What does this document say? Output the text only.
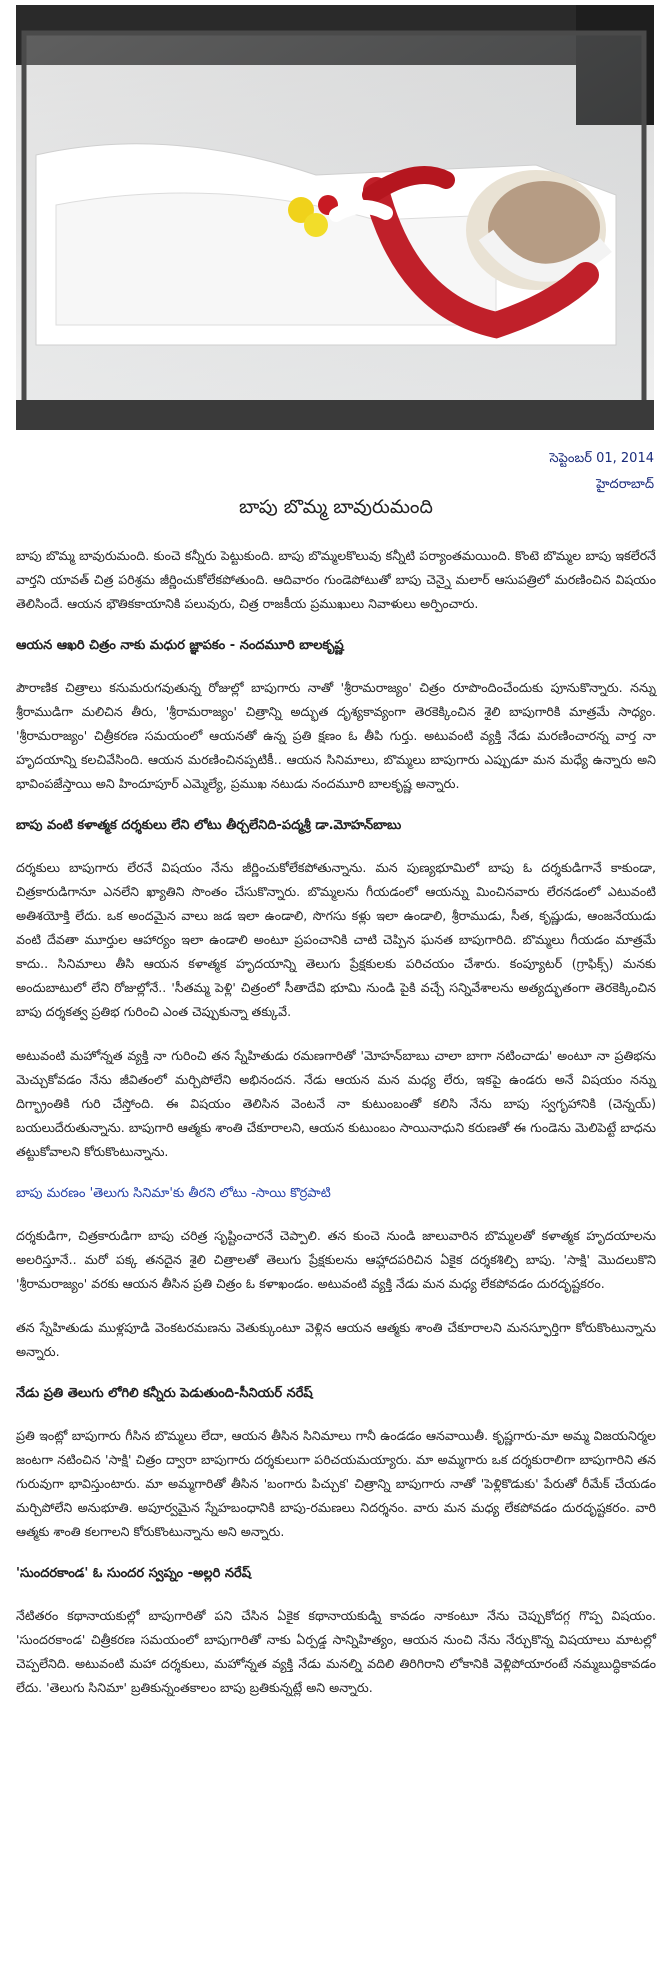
సెప్టెంబర్ 01, 2014
హైదరాబాద్
బాపు బొమ్మ బావురుమంది

బాపు బొమ్మ బావురుమంది. కుంచె కన్నీరు పెట్టుకుంది. బాపు బొమ్మలకొలువు కన్నీటి పర్యాంతమయింది. కొంటె బొమ్మల బాపు ఇకలేరనే వార్తని యావత్ చిత్ర పరిశ్రమ జీర్ణించుకోలేకపోతుంది. ఆదివారం గుండెపోటుతో బాపు చెన్నై మలార్ ఆసుపత్రిలో మరణించిన విషయం తెలిసిందే. ఆయన భౌతికకాయానికి పలువురు, చిత్ర రాజకీయ ప్రముఖులు నివాళులు అర్పించారు.

ఆయన ఆఖరి చిత్రం నాకు మధుర జ్ఞాపకం - నందమూరి బాలకృష్ణ

పౌరాణిక చిత్రాలు కనుమరుగవుతున్న రోజుల్లో బాపుగారు నాతో 'శ్రీరామరాజ్యం' చిత్రం రూపొందించేందుకు పూనుకొన్నారు. నన్ను శ్రీరాముడిగా మలిచిన తీరు, 'శ్రీరామరాజ్యం' చిత్రాన్ని అద్భుత దృశ్యకావ్యంగా తెరకెక్కించిన శైలి బాపుగారికి మాత్రమే సాధ్యం. 'శ్రీరామరాజ్యం' చిత్రీకరణ సమయంలో ఆయనతో ఉన్న ప్రతి క్షణం ఓ తీపి గుర్తు. అటువంటి వ్యక్తి నేడు మరణించారన్న వార్త నా హృదయాన్ని కలచివేసింది. ఆయన మరణించినప్పటికీ.. ఆయన సినిమాలు, బొమ్మలు బాపుగారు ఎప్పుడూ మన మధ్యే ఉన్నారు అని భావింపజేస్తాయి అని హిందూపూర్ ఎమ్మెల్యే, ప్రముఖ నటుడు నందమూరి బాలకృష్ణ అన్నారు.

బాపు వంటి కళాత్మక దర్శకులు లేని లోటు తీర్చలేనిది-పద్మశ్రీ డా.మోహన్‌బాబు

దర్శకులు బాపుగారు లేరనే విషయం నేను జీర్ణించుకోలేకపోతున్నాను. మన పుణ్యభూమిలో బాపు ఓ దర్శకుడిగానే కాకుండా, చిత్రకారుడిగానూ ఎనలేని ఖ్యాతిని సొంతం చేసుకొన్నారు. బొమ్మలను గీయడంలో ఆయన్ను మించినవారు లేరనడంలో ఎటువంటి అతిశయోక్తి లేదు. ఒక అందమైన వాలు జడ ఇలా ఉండాలి, సొగసు కళ్లు ఇలా ఉండాలి, శ్రీరాముడు, సీత, కృష్ణుడు, ఆంజనేయుడు వంటి దేవతా మూర్తుల ఆహార్యం ఇలా ఉండాలి అంటూ ప్రపంచానికి చాటి చెప్పిన ఘనత బాపుగారిది. బొమ్మలు గీయడం మాత్రమే కాదు.. సినిమాలు తీసి ఆయన కళాత్మక హృదయాన్ని తెలుగు ప్రేక్షకులకు పరిచయం చేశారు. కంప్యూటర్ (గ్రాఫిక్స్) మనకు అందుబాటులో లేని రోజుల్లోనే.. 'సీతమ్మ పెళ్లి' చిత్రంలో సీతాదేవి భూమి నుండి పైకి వచ్చే సన్నివేశాలను అత్యద్భుతంగా తెరకెక్కించిన బాపు దర్శకత్వ ప్రతిభ గురించి ఎంత చెప్పుకున్నా తక్కువే.

అటువంటి మహోన్నత వ్యక్తి నా గురించి తన స్నేహితుడు రమణగారితో 'మోహన్‌బాబు చాలా బాగా నటించాడు' అంటూ నా ప్రతిభను మెచ్చుకోవడం నేను జీవితంలో మర్చిపోలేని అభినందన. నేడు ఆయన మన మధ్య లేరు, ఇకపై ఉండరు అనే విషయం నన్ను దిగ్భ్రాంతికి గురి చేస్తోంది. ఈ విషయం తెలిసిన వెంటనే నా కుటుంబంతో కలిసి నేను బాపు స్వగృహానికి (చెన్నయ్) బయలుదేరుతున్నాను. బాపుగారి ఆత్మకు శాంతి చేకూరాలని, ఆయన కుటుంబం సాయినాధుని కరుణతో ఈ గుండెను మెలిపెట్టే బాధను తట్టుకోవాలని కోరుకొంటున్నాను.

బాపు మరణం 'తెలుగు సినిమా'కు తీరని లోటు -సాయి కొర్రపాటి

దర్శకుడిగా, చిత్రకారుడిగా బాపు చరిత్ర సృష్టించారనే చెప్పాలి. తన కుంచె నుండి జాలువారిన బొమ్మలతో కళాత్మక హృదయాలను అలరిస్తూనే.. మరో పక్క తనదైన శైలి చిత్రాలతో తెలుగు ప్రేక్షకులను ఆహ్లాదపరిచిన ఏకైక దర్శకశిల్పి బాపు. 'సాక్షి' మొదలుకొని 'శ్రీరామరాజ్యం' వరకు ఆయన తీసిన ప్రతి చిత్రం ఓ కళాఖండం. అటువంటి వ్యక్తి నేడు మన మధ్య లేకపోవడం దురదృష్టకరం.

తన స్నేహితుడు ముళ్లపూడి వెంకటరమణను వెతుక్కుంటూ వెళ్లిన ఆయన ఆత్మకు శాంతి చేకూరాలని మనస్ఫూర్తిగా కోరుకొంటున్నాను అన్నారు.

నేడు ప్రతి తెలుగు లోగిలి కన్నీరు పెడుతుంది-సీనియర్ నరేష్

ప్రతి ఇంట్లో బాపుగారు గీసిన బొమ్మలు లేదా, ఆయన తీసిన సినిమాలు గానీ ఉండడం ఆనవాయితీ. కృష్ణగారు-మా అమ్మ విజయనిర్మల జంటగా నటించిన 'సాక్షి' చిత్రం ద్వారా బాపుగారు దర్శకులుగా పరిచయమయ్యారు. మా అమ్మగారు ఒక దర్శకురాలిగా బాపుగారిని తన గురువుగా భావిస్తుంటారు. మా అమ్మగారితో తీసిన 'బంగారు పిచ్చుక' చిత్రాన్ని బాపుగారు నాతో 'పెళ్లికొడుకు' పేరుతో రీమేక్ చేయడం మర్చిపోలేని అనుభూతి. అపూర్వమైన స్నేహబంధానికి బాపు-రమణలు నిదర్శనం. వారు మన మధ్య లేకపోవడం దురదృష్టకరం. వారి ఆత్మకు శాంతి కలగాలని కోరుకొంటున్నాను అని అన్నారు.

'సుందరకాండ' ఓ సుందర స్వప్నం -అల్లరి నరేష్

నేటితరం కథానాయకుల్లో బాపుగారితో పని చేసిన ఏకైక కథానాయకుడ్ని కావడం నాకంటూ నేను చెప్పుకోదగ్గ గొప్ప విషయం. 'సుందరకాండ' చిత్రీకరణ సమయంలో బాపుగారితో నాకు ఏర్పడ్డ సాన్నిహిత్యం, ఆయన నుంచి నేను నేర్చుకొన్న విషయాలు మాటల్లో చెప్పలేనిది. అటువంటి మహా దర్శకులు, మహోన్నత వ్యక్తి నేడు మనల్ని వదిలి తిరిగిరాని లోకానికి వెళ్లిపోయారంటే నమ్మబుద్ధికావడం లేదు. 'తెలుగు సినిమా' బ్రతికున్నంతకాలం బాపు బ్రతికున్నట్లే అని అన్నారు.
